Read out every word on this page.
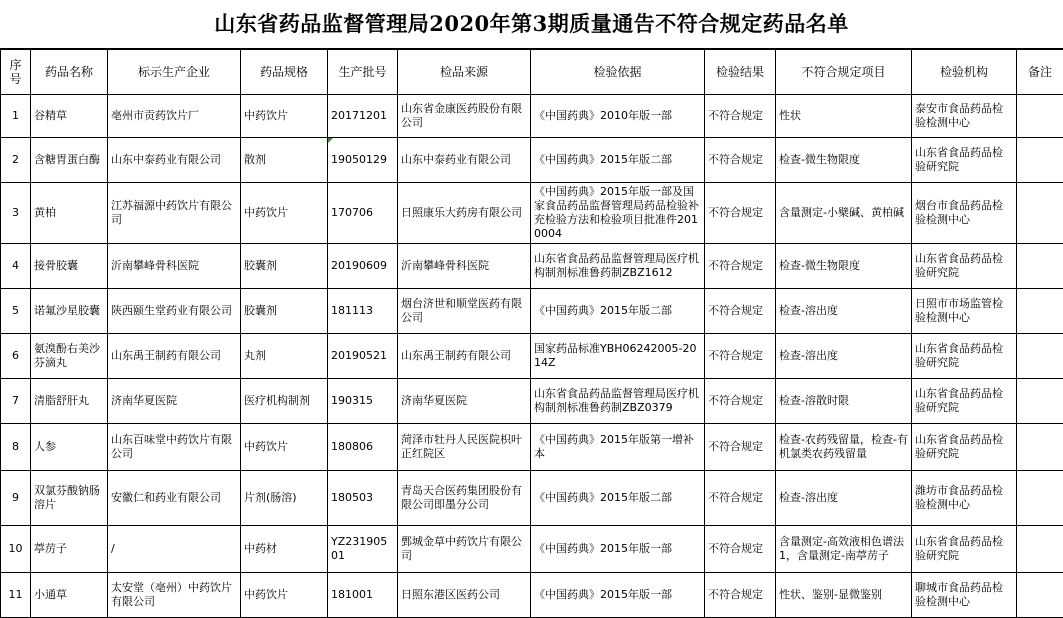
山东省药品监督管理局2020年第3期质量通告不符合规定药品名单
序号	药品名称	标示生产企业	药品规格	生产批号	检品来源	检验依据	检验结果	不符合规定项目	检验机构	备注
1	谷精草	亳州市贡药饮片厂	中药饮片	20171201	山东省金康医药股份有限公司	《中国药典》2010年版一部	不符合规定	性状	泰安市食品药品检验检测中心	
2	含糖胃蛋白酶	山东中泰药业有限公司	散剂	19050129	山东中泰药业有限公司	《中国药典》2015年版二部	不符合规定	检查-微生物限度	山东省食品药品检验研究院	
3	黄柏	江苏福源中药饮片有限公司	中药饮片	170706	日照康乐大药房有限公司	《中国药典》2015年版一部及国家食品药品监督管理局药品检验补充检验方法和检验项目批准件2010004	不符合规定	含量测定-小檗碱、黄柏碱	烟台市食品药品检验检测中心	
4	接骨胶囊	沂南攀峰骨科医院	胶囊剂	20190609	沂南攀峰骨科医院	山东省食品药品监督管理局医疗机构制剂标准鲁药制ZBZ1612	不符合规定	检查-微生物限度	山东省食品药品检验研究院	
5	诺氟沙星胶囊	陕西颐生堂药业有限公司	胶囊剂	181113	烟台济世和顺堂医药有限公司	《中国药典》2015年版二部	不符合规定	检查-溶出度	日照市市场监管检验检测中心	
6	氨溴酚右美沙芬滴丸	山东禹王制药有限公司	丸剂	20190521	山东禹王制药有限公司	国家药品标准YBH06242005-2014Z	不符合规定	检查-溶出度	山东省食品药品检验研究院	
7	清脂舒肝丸	济南华夏医院	医疗机构制剂	190315	济南华夏医院	山东省食品药品监督管理局医疗机构制剂标准鲁药制ZBZ0379	不符合规定	检查-溶散时限	山东省食品药品检验研究院	
8	人参	山东百味堂中药饮片有限公司	中药饮片	180806	菏泽市牡丹人民医院枳叶正红院区	《中国药典》2015年版第一增补本	不符合规定	检查-农药残留量，检查-有机氯类农药残留量	山东省食品药品检验研究院	
9	双氯芬酸钠肠溶片	安徽仁和药业有限公司	片剂(肠溶)	180503	青岛天合医药集团股份有限公司即墨分公司	《中国药典》2015年版二部	不符合规定	检查-溶出度	潍坊市食品药品检验检测中心	
10	葶苈子	/	中药材	YZ23190501	鄄城金草中药饮片有限公司	《中国药典》2015年版一部	不符合规定	含量测定-高效液相色谱法1，含量测定-南葶苈子	山东省食品药品检验研究院	
11	小通草	太安堂（亳州）中药饮片有限公司	中药饮片	181001	日照东港区医药公司	《中国药典》2015年版一部	不符合规定	性状、鉴别-显微鉴别	聊城市食品药品检验检测中心	
